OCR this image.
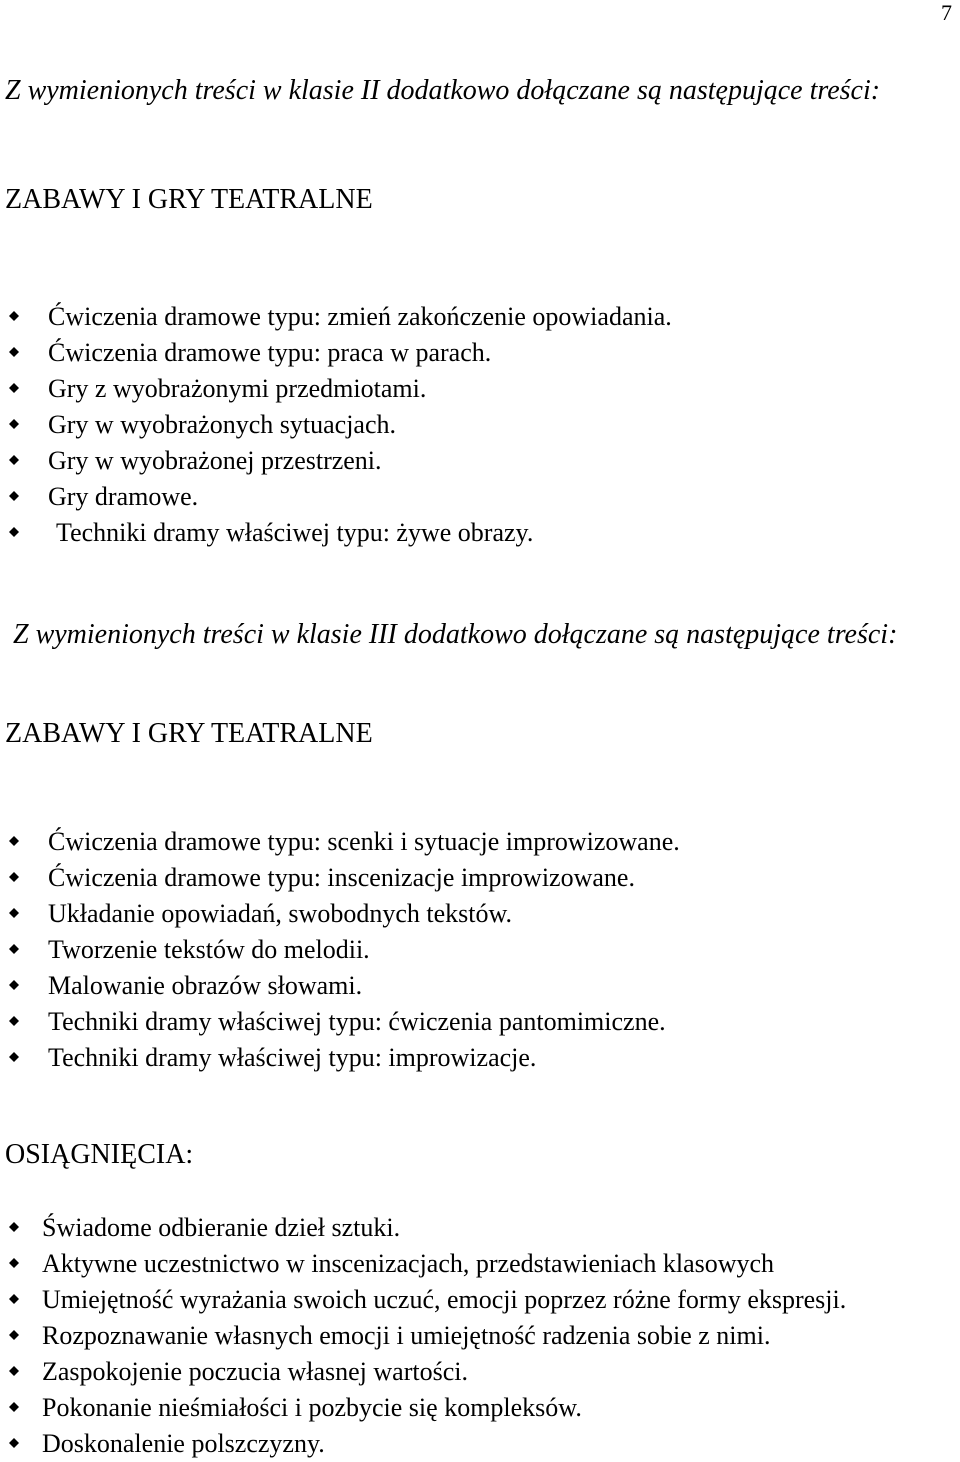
7
Z wymienionych treści w klasie II dodatkowo dołączane są następujące treści:
ZABAWY I GRY TEATRALNE
Ćwiczenia dramowe typu: zmień zakończenie opowiadania.
Ćwiczenia dramowe typu: praca w parach.
Gry z wyobrażonymi przedmiotami.
Gry w wyobrażonych sytuacjach.
Gry w wyobrażonej przestrzeni.
Gry dramowe.
Techniki dramy właściwej typu: żywe obrazy.
Z wymienionych treści w klasie III dodatkowo dołączane są następujące treści:
ZABAWY I GRY TEATRALNE
Ćwiczenia dramowe typu: scenki i sytuacje improwizowane.
Ćwiczenia dramowe typu: inscenizacje improwizowane.
Układanie opowiadań, swobodnych tekstów.
Tworzenie tekstów do melodii.
Malowanie obrazów słowami.
Techniki dramy właściwej typu: ćwiczenia pantomimiczne.
Techniki dramy właściwej typu: improwizacje.
OSIĄGNIĘCIA:
Świadome odbieranie dzieł sztuki.
Aktywne uczestnictwo w inscenizacjach, przedstawieniach klasowych
Umiejętność wyrażania swoich uczuć, emocji poprzez różne formy ekspresji.
Rozpoznawanie własnych emocji i umiejętność radzenia sobie z nimi.
Zaspokojenie poczucia własnej wartości.
Pokonanie nieśmiałości i pozbycie się kompleksów.
Doskonalenie polszczyzny.
